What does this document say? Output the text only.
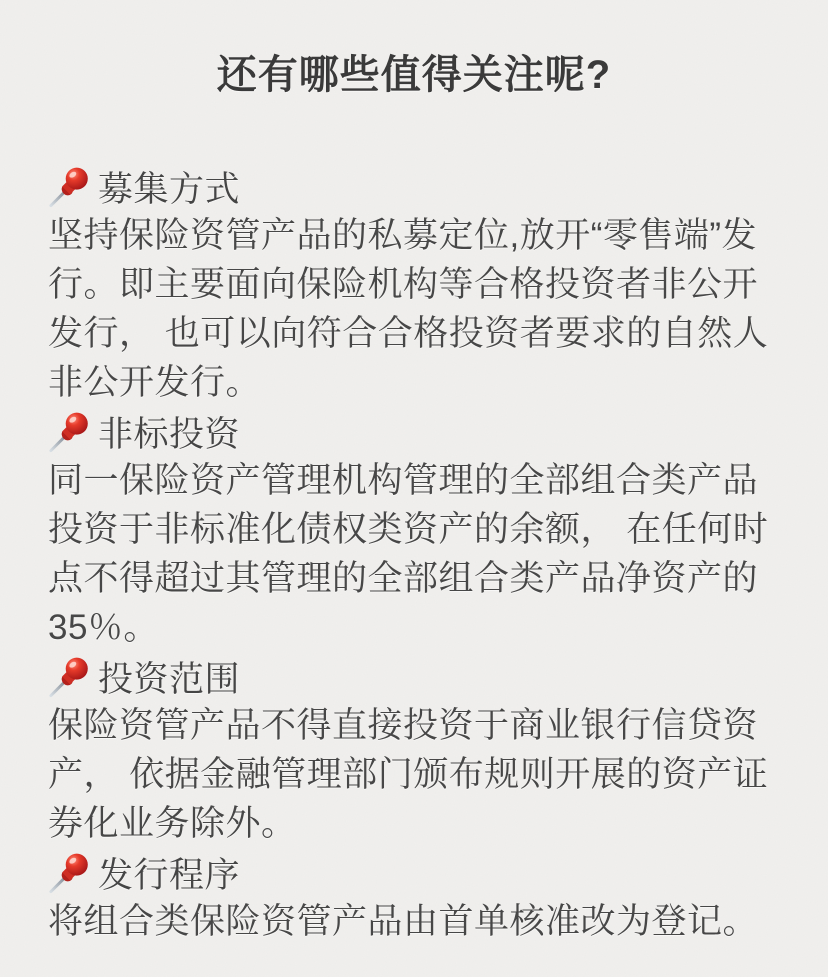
还有哪些值得关注呢?
募集方式
坚持保险资管产品的私募定位,放开“零售端”发
行。即主要面向保险机构等合格投资者非公开
发行， 也可以向符合合格投资者要求的自然人
非公开发行。
非标投资
同一保险资产管理机构管理的全部组合类产品
投资于非标准化债权类资产的余额， 在任何时
点不得超过其管理的全部组合类产品净资产的
35％。
投资范围
保险资管产品不得直接投资于商业银行信贷资
产， 依据金融管理部门颁布规则开展的资产证
券化业务除外。
发行程序
将组合类保险资管产品由首单核准改为登记。
